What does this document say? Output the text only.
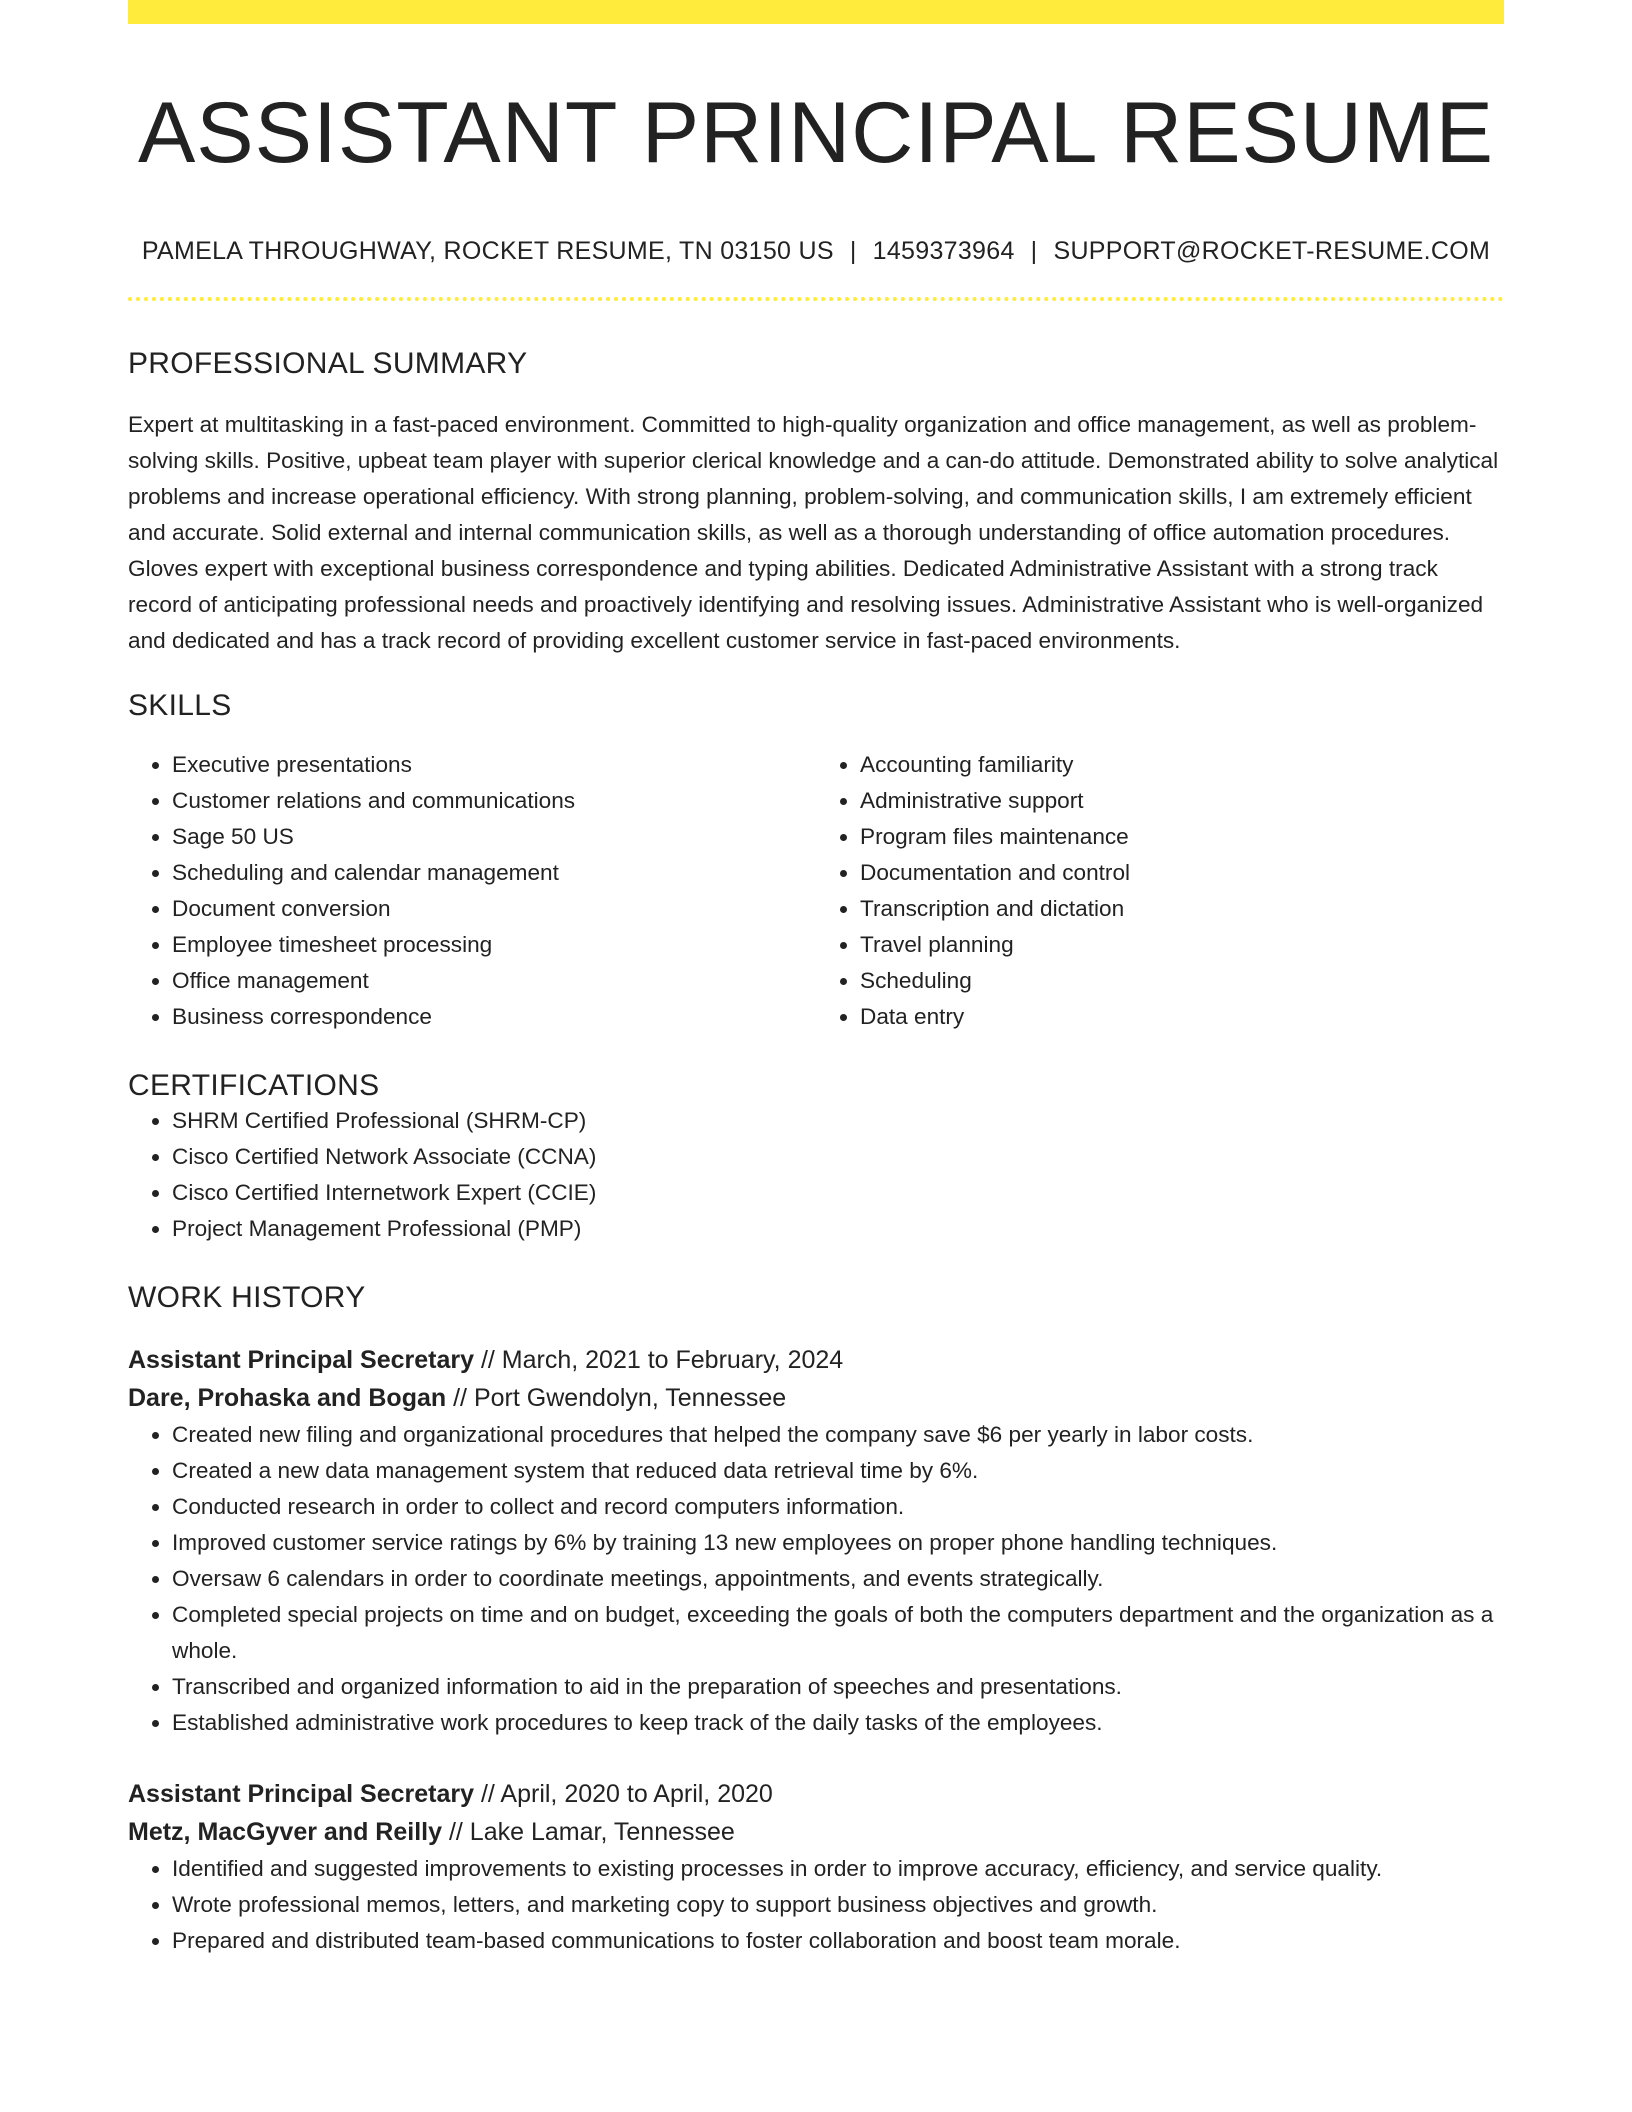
ASSISTANT PRINCIPAL RESUME
PAMELA THROUGHWAY, ROCKET RESUME, TN 03150 US | 1459373964 | SUPPORT@ROCKET-RESUME.COM
PROFESSIONAL SUMMARY

Expert at multitasking in a fast-paced environment. Committed to high-quality organization and office management, as well as problem-solving skills. Positive, upbeat team player with superior clerical knowledge and a can-do attitude. Demonstrated ability to solve analytical problems and increase operational efficiency. With strong planning, problem-solving, and communication skills, I am extremely efficient and accurate. Solid external and internal communication skills, as well as a thorough understanding of office automation procedures. Gloves expert with exceptional business correspondence and typing abilities. Dedicated Administrative Assistant with a strong track record of anticipating professional needs and proactively identifying and resolving issues. Administrative Assistant who is well-organized and dedicated and has a track record of providing excellent customer service in fast-paced environments.

SKILLS
• Executive presentations
• Customer relations and communications
• Sage 50 US
• Scheduling and calendar management
• Document conversion
• Employee timesheet processing
• Office management
• Business correspondence
• Accounting familiarity
• Administrative support
• Program files maintenance
• Documentation and control
• Transcription and dictation
• Travel planning
• Scheduling
• Data entry
CERTIFICATIONS
• SHRM Certified Professional (SHRM-CP)
• Cisco Certified Network Associate (CCNA)
• Cisco Certified Internetwork Expert (CCIE)
• Project Management Professional (PMP)
WORK HISTORY
Assistant Principal Secretary // March, 2021 to February, 2024
Dare, Prohaska and Bogan // Port Gwendolyn, Tennessee
• Created new filing and organizational procedures that helped the company save $6 per yearly in labor costs.
• Created a new data management system that reduced data retrieval time by 6%.
• Conducted research in order to collect and record computers information.
• Improved customer service ratings by 6% by training 13 new employees on proper phone handling techniques.
• Oversaw 6 calendars in order to coordinate meetings, appointments, and events strategically.
• Completed special projects on time and on budget, exceeding the goals of both the computers department and the organization as a whole.
• Transcribed and organized information to aid in the preparation of speeches and presentations.
• Established administrative work procedures to keep track of the daily tasks of the employees.
Assistant Principal Secretary // April, 2020 to April, 2020
Metz, MacGyver and Reilly // Lake Lamar, Tennessee
• Identified and suggested improvements to existing processes in order to improve accuracy, efficiency, and service quality.
• Wrote professional memos, letters, and marketing copy to support business objectives and growth.
• Prepared and distributed team-based communications to foster collaboration and boost team morale.
